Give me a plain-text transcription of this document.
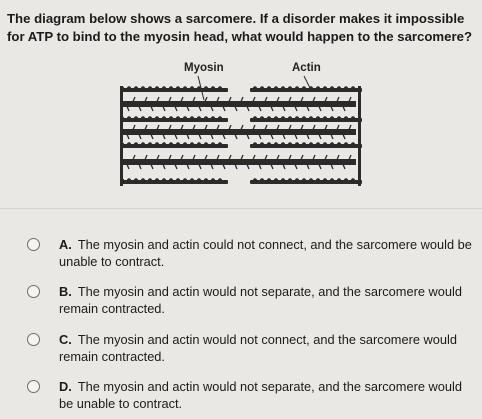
The diagram below shows a sarcomere. If a disorder makes it impossible for ATP to bind to the myosin head, what would happen to the sarcomere?
Myosin	Actin
A. The myosin and actin could not connect, and the sarcomere would be unable to contract.
B. The myosin and actin would not separate, and the sarcomere would remain contracted.
C. The myosin and actin would not connect, and the sarcomere would remain contracted.
D. The myosin and actin would not separate, and the sarcomere would be unable to contract.
